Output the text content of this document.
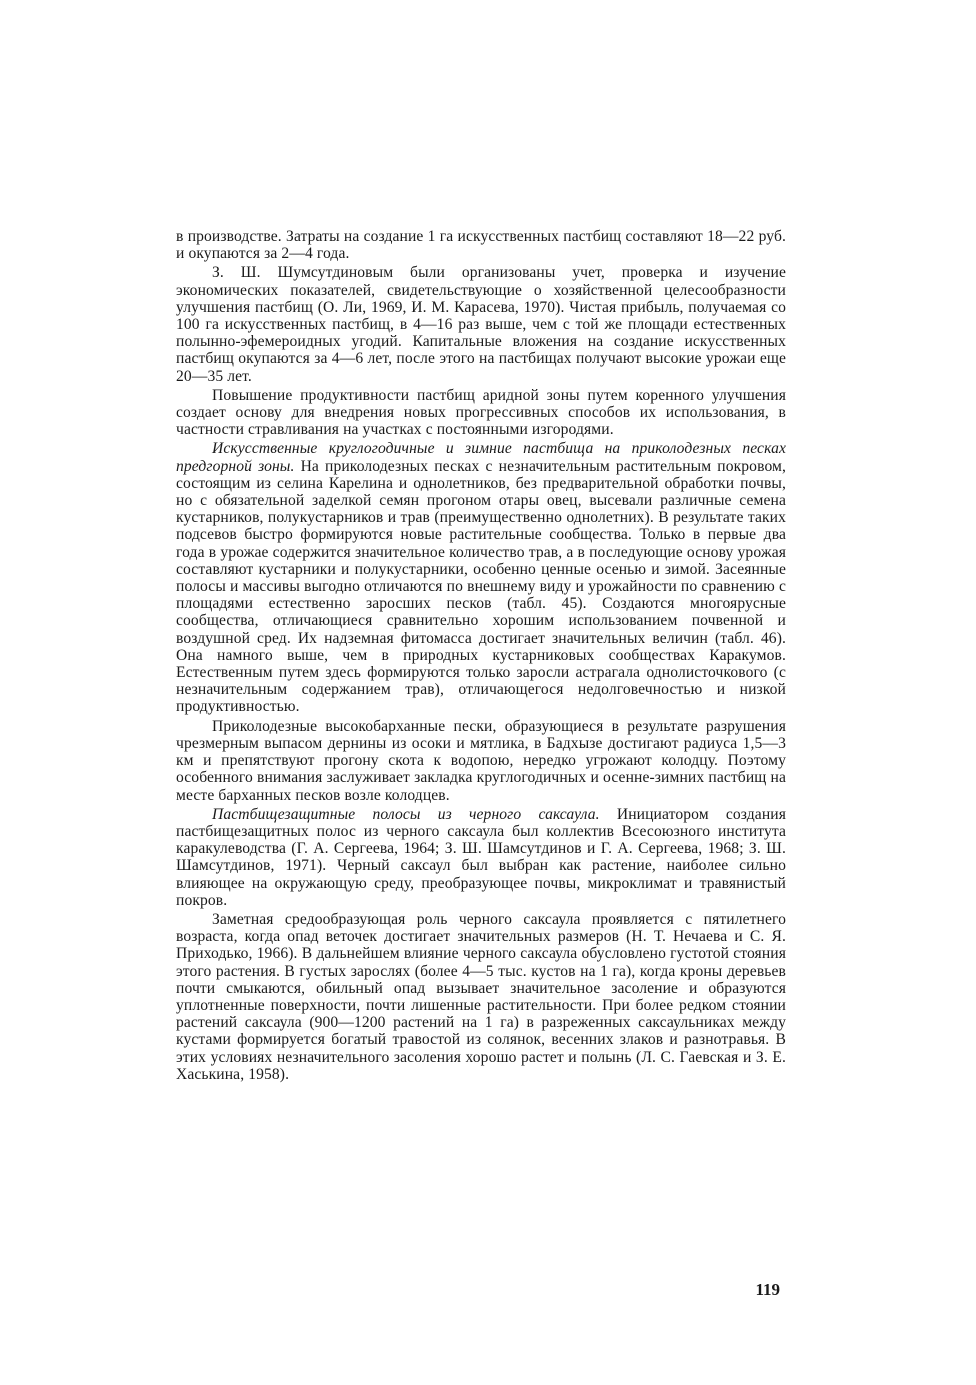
в производстве. Затраты на создание 1 га искусственных пастбищ составляют 18—22 руб. и окупаются за 2—4 года.

З. Ш. Шумсутдиновым были организованы учет, проверка и изучение экономических показателей, свидетельствующие о хозяйственной целесообразности улучшения пастбищ (О. Ли, 1969, И. М. Карасева, 1970). Чистая прибыль, получаемая со 100 га искусственных пастбищ, в 4—16 раз выше, чем с той же площади естественных полынно-эфемероидных угодий. Капитальные вложения на создание искусственных пастбищ окупаются за 4—6 лет, после этого на пастбищах получают высокие урожаи еще 20—35 лет.

Повышение продуктивности пастбищ аридной зоны путем коренного улучшения создает основу для внедрения новых прогрессивных способов их использования, в частности стравливания на участках с постоянными изгородями.

Искусственные круглогодичные и зимние пастбища на приколодезных песках предгорной зоны. На приколодезных песках с незначительным растительным покровом, состоящим из селина Карелина и однолетников, без предварительной обработки почвы, но с обязательной заделкой семян прогоном отары овец, высевали различные семена кустарников, полукустарников и трав (преимущественно однолетних). В результате таких подсевов быстро формируются новые растительные сообщества. Только в первые два года в урожае содержится значительное количество трав, а в последующие основу урожая составляют кустарники и полукустарники, особенно ценные осенью и зимой. Засеянные полосы и массивы выгодно отличаются по внешнему виду и урожайности по сравнению с площадями естественно заросших песков (табл. 45). Создаются многоярусные сообщества, отличающиеся сравнительно хорошим использованием почвенной и воздушной сред. Их надземная фитомасса достигает значительных величин (табл. 46). Она намного выше, чем в природных кустарниковых сообществах Каракумов. Естественным путем здесь формируются только заросли астрагала однолисточкового (с незначительным содержанием трав), отличающегося недолговечностью и низкой продуктивностью.

Приколодезные высокобарханные пески, образующиеся в результате разрушения чрезмерным выпасом дернины из осоки и мятлика, в Бадхызе достигают радиуса 1,5—3 км и препятствуют прогону скота к водопою, нередко угрожают колодцу. Поэтому особенного внимания заслуживает закладка круглогодичных и осенне-зимних пастбищ на месте барханных песков возле колодцев.

Пастбищезащитные полосы из черного саксаула. Инициатором создания пастбищезащитных полос из черного саксаула был коллектив Всесоюзного института каракулеводства (Г. А. Сергеева, 1964; З. Ш. Шамсутдинов и Г. А. Сергеева, 1968; З. Ш. Шамсутдинов, 1971). Черный саксаул был выбран как растение, наиболее сильно влияющее на окружающую среду, преобразующее почвы, микроклимат и травянистый покров.

Заметная средообразующая роль черного саксаула проявляется с пятилетнего возраста, когда опад веточек достигает значительных размеров (Н. Т. Нечаева и С. Я. Приходько, 1966). В дальнейшем влияние черного саксаула обусловлено густотой стояния этого растения. В густых зарослях (более 4—5 тыс. кустов на 1 га), когда кроны деревьев почти смыкаются, обильный опад вызывает значительное засоление и образуются уплотненные поверхности, почти лишенные растительности. При более редком стоянии растений саксаула (900—1200 растений на 1 га) в разреженных саксаульниках между кустами формируется богатый травостой из солянок, весенних злаков и разнотравья. В этих условиях незначительного засоления хорошо растет и полынь (Л. С. Гаевская и З. Е. Хаськина, 1958).

119
